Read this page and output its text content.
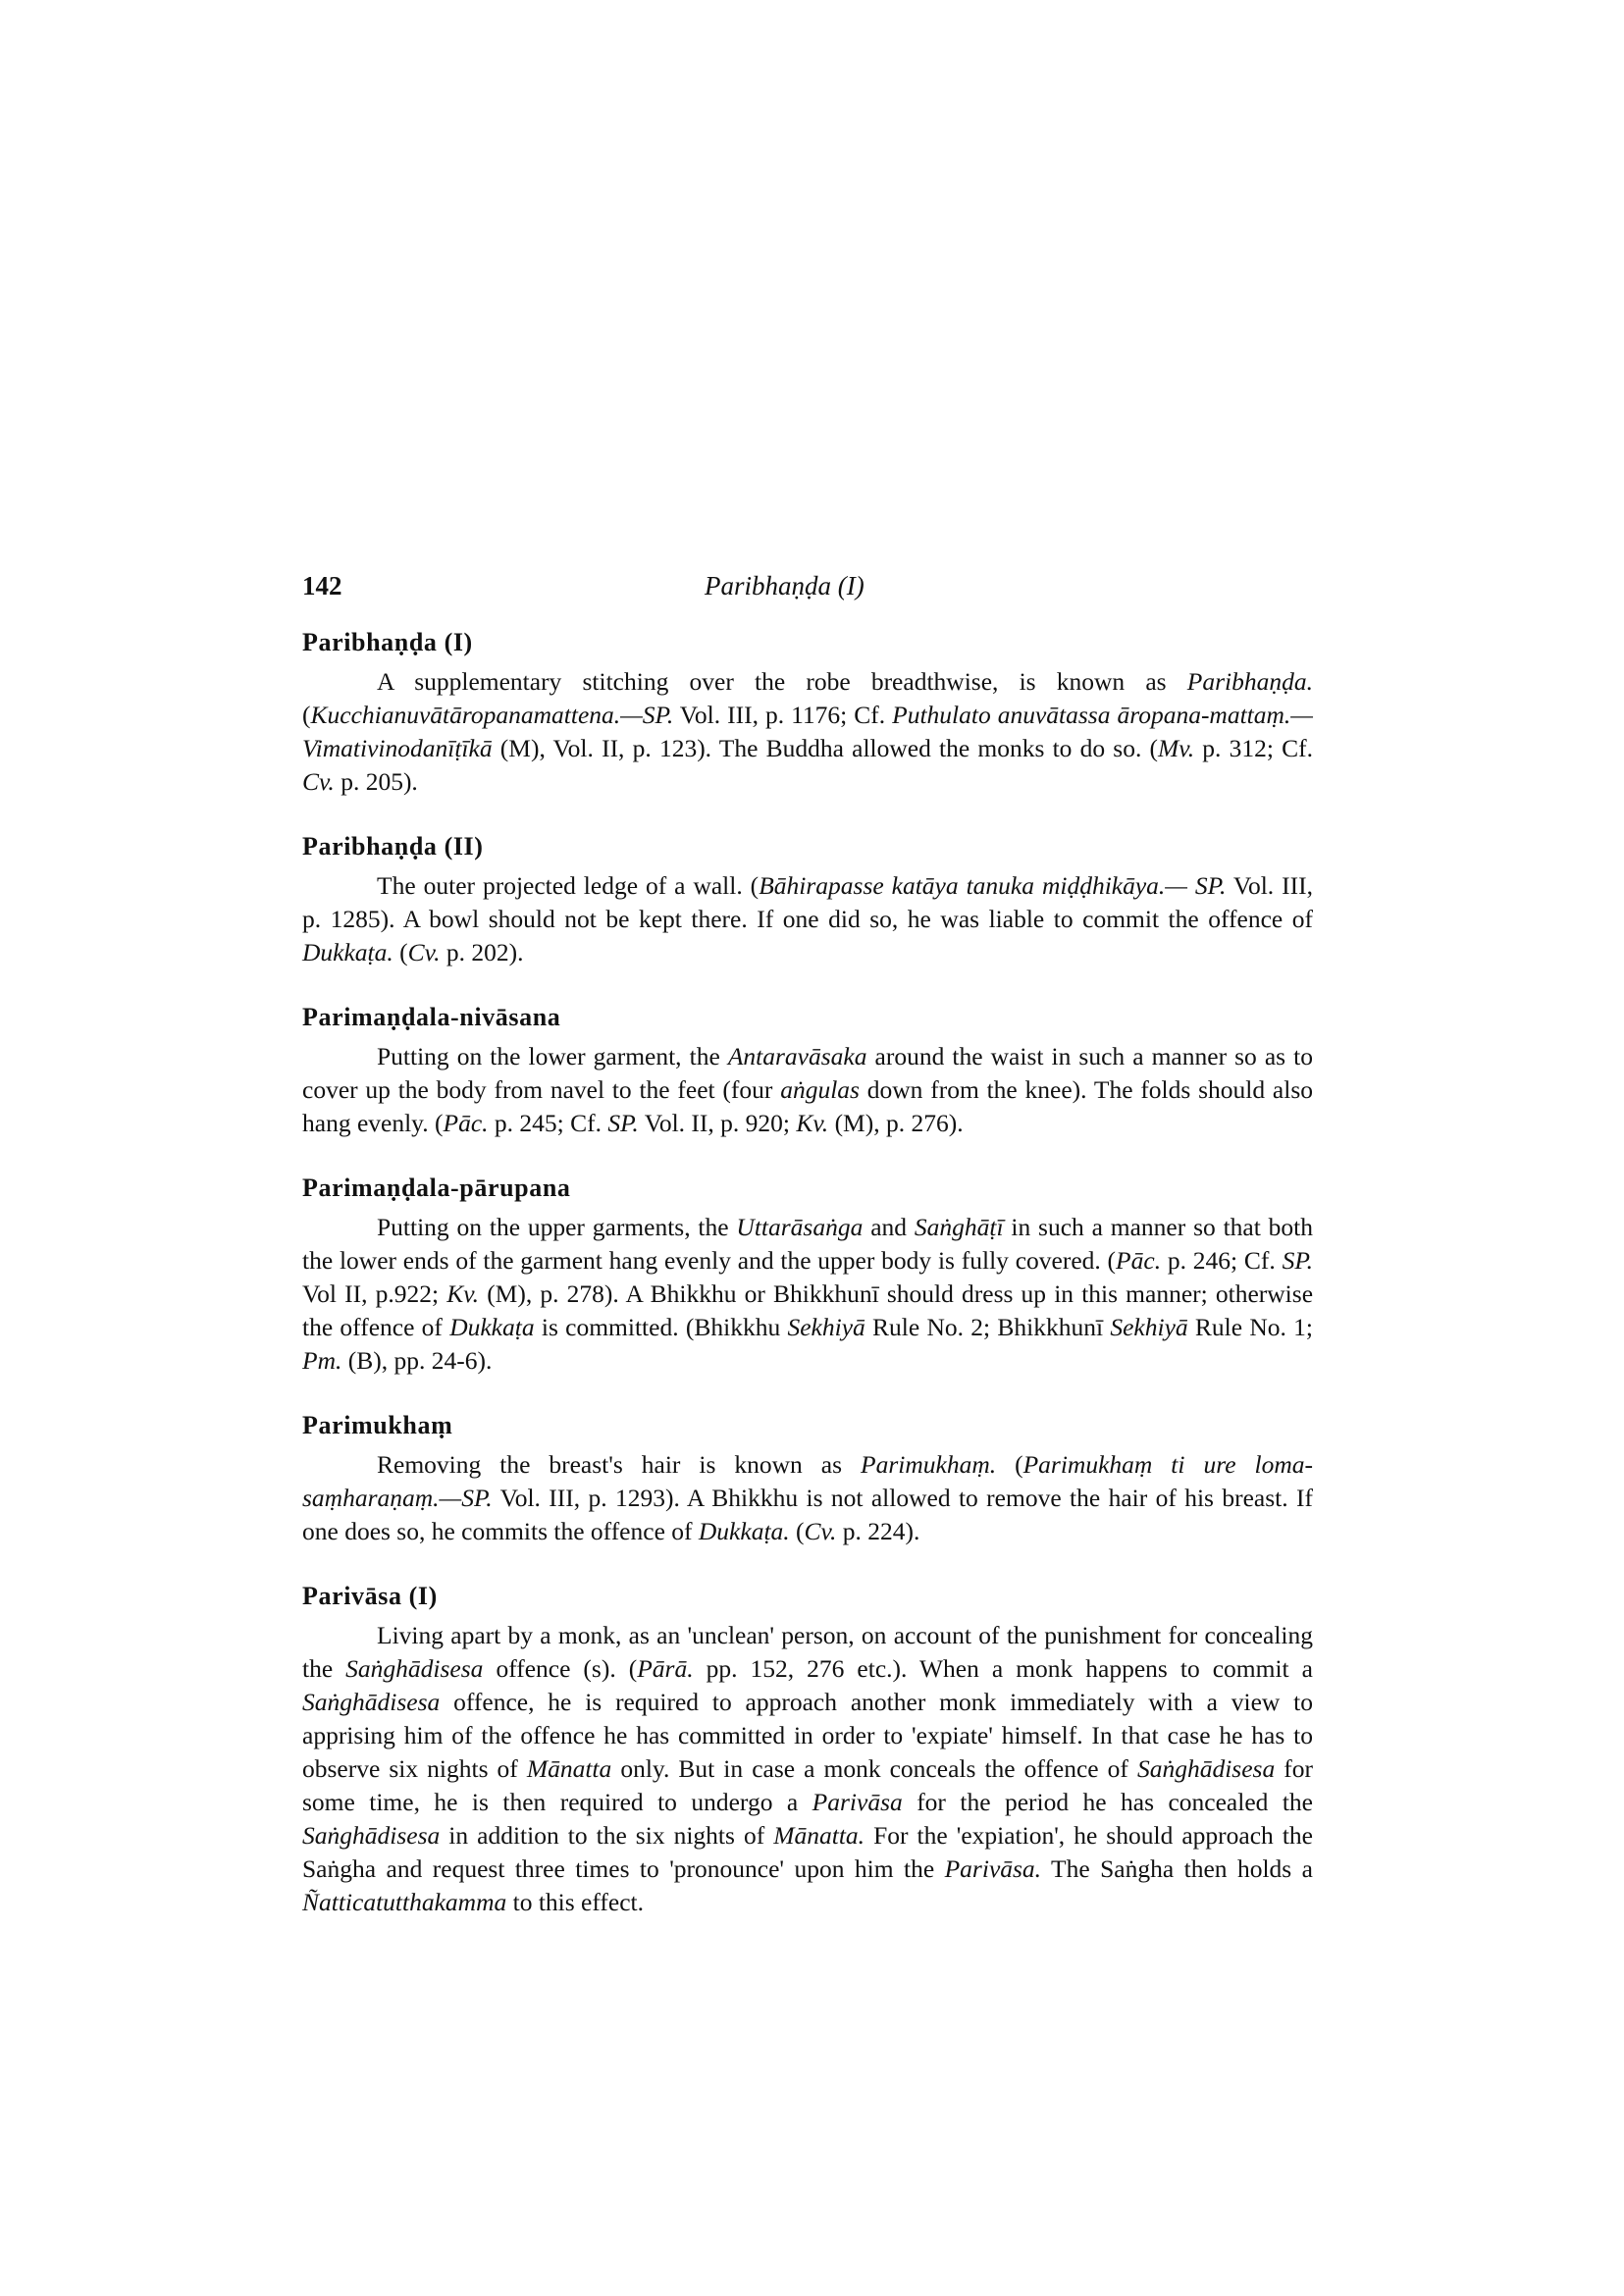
142	Paribhaṇḍa (I)
Paribhaṇḍa (I)

A supplementary stitching over the robe breadthwise, is known as Paribhaṇḍa. (Kucchianuvātāropanamattena.—SP. Vol. III, p. 1176; Cf. Puthulato anuvātassa āropana-mattaṃ.—Vimativinodanīṭīkā (M), Vol. II, p. 123). The Buddha allowed the monks to do so. (Mv. p. 312; Cf. Cv. p. 205).

Paribhaṇḍa (II)

The outer projected ledge of a wall. (Bāhirapasse katāya tanuka miḍḍhikāya.— SP. Vol. III, p. 1285). A bowl should not be kept there. If one did so, he was liable to commit the offence of Dukkaṭa. (Cv. p. 202).

Parimaṇḍala-nivāsana

Putting on the lower garment, the Antaravāsaka around the waist in such a manner so as to cover up the body from navel to the feet (four aṅgulas down from the knee). The folds should also hang evenly. (Pāc. p. 245; Cf. SP. Vol. II, p. 920; Kv. (M), p. 276).

Parimaṇḍala-pārupana

Putting on the upper garments, the Uttarāsaṅga and Saṅghāṭī in such a manner so that both the lower ends of the garment hang evenly and the upper body is fully covered. (Pāc. p. 246; Cf. SP. Vol II, p.922; Kv. (M), p. 278). A Bhikkhu or Bhikkhunī should dress up in this manner; otherwise the offence of Dukkaṭa is committed. (Bhikkhu Sekhiyā Rule No. 2; Bhikkhunī Sekhiyā Rule No. 1; Pm. (B), pp. 24-6).

Parimukhaṃ

Removing the breast's hair is known as Parimukhaṃ. (Parimukhaṃ ti ure loma-saṃharaṇaṃ.—SP. Vol. III, p. 1293). A Bhikkhu is not allowed to remove the hair of his breast. If one does so, he commits the offence of Dukkaṭa. (Cv. p. 224).

Parivāsa (I)

Living apart by a monk, as an 'unclean' person, on account of the punishment for concealing the Saṅghādisesa offence (s). (Pārā. pp. 152, 276 etc.). When a monk happens to commit a Saṅghādisesa offence, he is required to approach another monk immediately with a view to apprising him of the offence he has committed in order to 'expiate' himself. In that case he has to observe six nights of Mānatta only. But in case a monk conceals the offence of Saṅghādisesa for some time, he is then required to undergo a Parivāsa for the period he has concealed the Saṅghādisesa in addition to the six nights of Mānatta. For the 'expiation', he should approach the Saṅgha and request three times to 'pronounce' upon him the Parivāsa. The Saṅgha then holds a Ñatticatutthakamma to this effect.
